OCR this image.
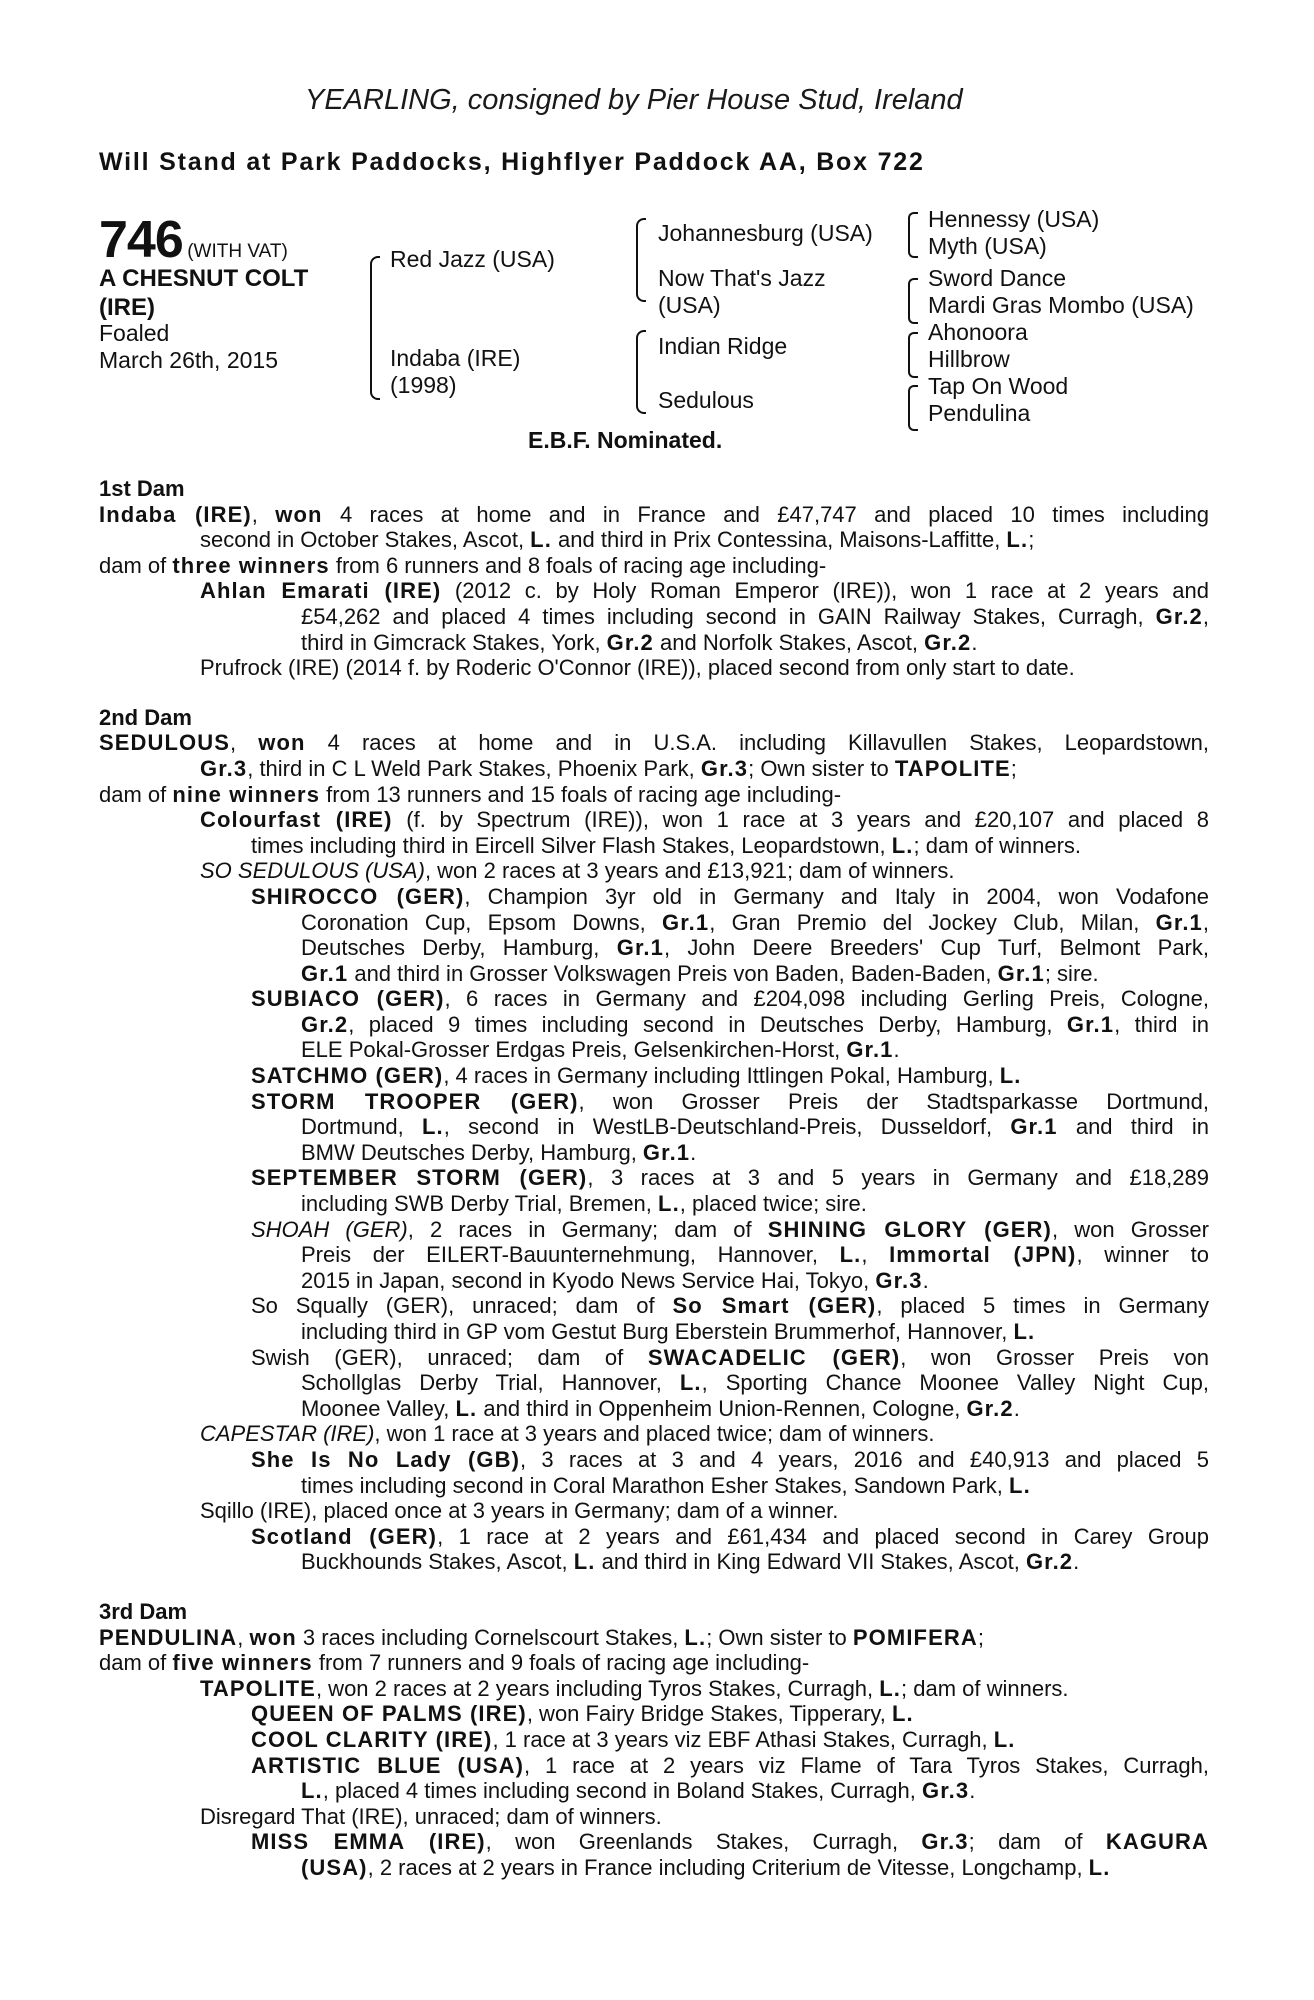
YEARLING, consigned by Pier House Stud, Ireland
Will Stand at Park Paddocks, Highflyer Paddock AA, Box 722
746 (WITH VAT)
A CHESNUT COLT
(IRE)
Foaled
March 26th, 2015
Red Jazz (USA)
Indaba (IRE)
(1998)
Johannesburg (USA)
Now That's Jazz
(USA)
Indian Ridge
Sedulous
Hennessy (USA)
Myth (USA)
Sword Dance
Mardi Gras Mombo (USA)
Ahonoora
Hillbrow
Tap On Wood
Pendulina
E.B.F. Nominated.
1st Dam
Indaba (IRE), won 4 races at home and in France and £47,747 and placed 10 times including
second in October Stakes, Ascot, L. and third in Prix Contessina, Maisons-Laffitte, L.;
dam of three winners from 6 runners and 8 foals of racing age including-
Ahlan Emarati (IRE) (2012 c. by Holy Roman Emperor (IRE)), won 1 race at 2 years and
£54,262 and placed 4 times including second in GAIN Railway Stakes, Curragh, Gr.2,
third in Gimcrack Stakes, York, Gr.2 and Norfolk Stakes, Ascot, Gr.2.
Prufrock (IRE) (2014 f. by Roderic O'Connor (IRE)), placed second from only start to date.
2nd Dam
SEDULOUS, won 4 races at home and in U.S.A. including Killavullen Stakes, Leopardstown,
Gr.3, third in C L Weld Park Stakes, Phoenix Park, Gr.3; Own sister to TAPOLITE;
dam of nine winners from 13 runners and 15 foals of racing age including-
Colourfast (IRE) (f. by Spectrum (IRE)), won 1 race at 3 years and £20,107 and placed 8
times including third in Eircell Silver Flash Stakes, Leopardstown, L.; dam of winners.
SO SEDULOUS (USA), won 2 races at 3 years and £13,921; dam of winners.
SHIROCCO (GER), Champion 3yr old in Germany and Italy in 2004, won Vodafone
Coronation Cup, Epsom Downs, Gr.1, Gran Premio del Jockey Club, Milan, Gr.1,
Deutsches Derby, Hamburg, Gr.1, John Deere Breeders' Cup Turf, Belmont Park,
Gr.1 and third in Grosser Volkswagen Preis von Baden, Baden-Baden, Gr.1; sire.
SUBIACO (GER), 6 races in Germany and £204,098 including Gerling Preis, Cologne,
Gr.2, placed 9 times including second in Deutsches Derby, Hamburg, Gr.1, third in
ELE Pokal-Grosser Erdgas Preis, Gelsenkirchen-Horst, Gr.1.
SATCHMO (GER), 4 races in Germany including Ittlingen Pokal, Hamburg, L.
STORM TROOPER (GER), won Grosser Preis der Stadtsparkasse Dortmund,
Dortmund, L., second in WestLB-Deutschland-Preis, Dusseldorf, Gr.1 and third in
BMW Deutsches Derby, Hamburg, Gr.1.
SEPTEMBER STORM (GER), 3 races at 3 and 5 years in Germany and £18,289
including SWB Derby Trial, Bremen, L., placed twice; sire.
SHOAH (GER), 2 races in Germany; dam of SHINING GLORY (GER), won Grosser
Preis der EILERT-Bauunternehmung, Hannover, L., Immortal (JPN), winner to
2015 in Japan, second in Kyodo News Service Hai, Tokyo, Gr.3.
So Squally (GER), unraced; dam of So Smart (GER), placed 5 times in Germany
including third in GP vom Gestut Burg Eberstein Brummerhof, Hannover, L.
Swish (GER), unraced; dam of SWACADELIC (GER), won Grosser Preis von
Schollglas Derby Trial, Hannover, L., Sporting Chance Moonee Valley Night Cup,
Moonee Valley, L. and third in Oppenheim Union-Rennen, Cologne, Gr.2.
CAPESTAR (IRE), won 1 race at 3 years and placed twice; dam of winners.
She Is No Lady (GB), 3 races at 3 and 4 years, 2016 and £40,913 and placed 5
times including second in Coral Marathon Esher Stakes, Sandown Park, L.
Sqillo (IRE), placed once at 3 years in Germany; dam of a winner.
Scotland (GER), 1 race at 2 years and £61,434 and placed second in Carey Group
Buckhounds Stakes, Ascot, L. and third in King Edward VII Stakes, Ascot, Gr.2.
3rd Dam
PENDULINA, won 3 races including Cornelscourt Stakes, L.; Own sister to POMIFERA;
dam of five winners from 7 runners and 9 foals of racing age including-
TAPOLITE, won 2 races at 2 years including Tyros Stakes, Curragh, L.; dam of winners.
QUEEN OF PALMS (IRE), won Fairy Bridge Stakes, Tipperary, L.
COOL CLARITY (IRE), 1 race at 3 years viz EBF Athasi Stakes, Curragh, L.
ARTISTIC BLUE (USA), 1 race at 2 years viz Flame of Tara Tyros Stakes, Curragh,
L., placed 4 times including second in Boland Stakes, Curragh, Gr.3.
Disregard That (IRE), unraced; dam of winners.
MISS EMMA (IRE), won Greenlands Stakes, Curragh, Gr.3; dam of KAGURA
(USA), 2 races at 2 years in France including Criterium de Vitesse, Longchamp, L.
